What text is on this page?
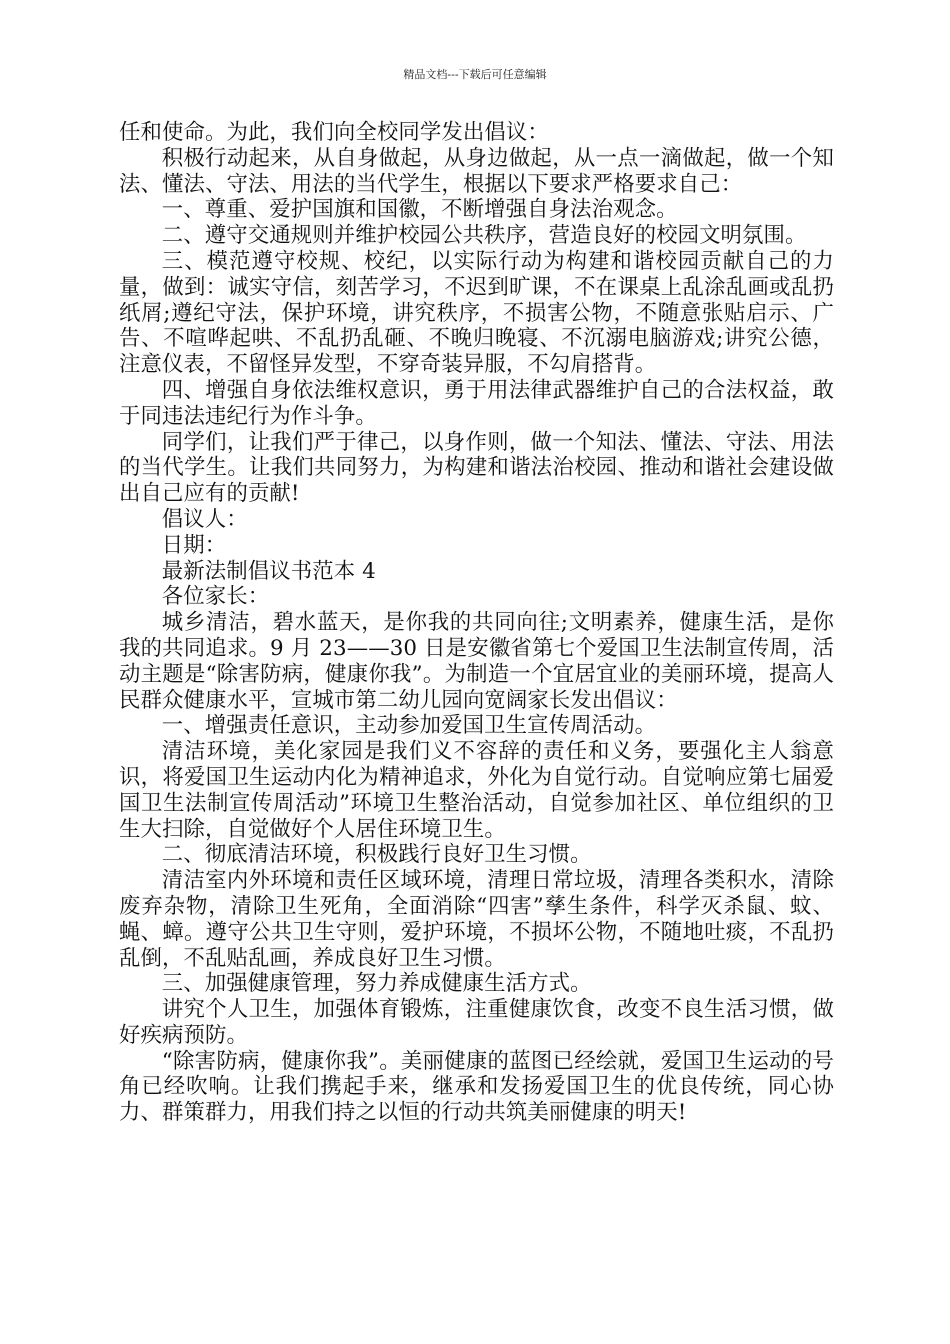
精品文档---下载后可任意编辑

任和使命。为此，我们向全校同学发出倡议：

积极行动起来，从自身做起，从身边做起，从一点一滴做起，做一个知法、懂法、守法、用法的当代学生，根据以下要求严格要求自己：

一、尊重、爱护国旗和国徽，不断增强自身法治观念。

二、遵守交通规则并维护校园公共秩序，营造良好的校园文明氛围。

三、模范遵守校规、校纪，以实际行动为构建和谐校园贡献自己的力量，做到：诚实守信，刻苦学习，不迟到旷课，不在课桌上乱涂乱画或乱扔纸屑;遵纪守法，保护环境，讲究秩序，不损害公物，不随意张贴启示、广告、不喧哗起哄、不乱扔乱砸、不晚归晚寝、不沉溺电脑游戏;讲究公德，注意仪表，不留怪异发型，不穿奇装异服，不勾肩搭背。

四、增强自身依法维权意识，勇于用法律武器维护自己的合法权益，敢于同违法违纪行为作斗争。

同学们，让我们严于律己，以身作则，做一个知法、懂法、守法、用法的当代学生。让我们共同努力，为构建和谐法治校园、推动和谐社会建设做出自己应有的贡献!

倡议人：

日期：

最新法制倡议书范本 4

各位家长：

城乡清洁，碧水蓝天，是你我的共同向往;文明素养，健康生活，是你我的共同追求。9 月 23——30 日是安徽省第七个爱国卫生法制宣传周，活动主题是“除害防病，健康你我”。为制造一个宜居宜业的美丽环境，提高人民群众健康水平，宣城市第二幼儿园向宽阔家长发出倡议：

一、增强责任意识，主动参加爱国卫生宣传周活动。

清洁环境，美化家园是我们义不容辞的责任和义务，要强化主人翁意识，将爱国卫生运动内化为精神追求，外化为自觉行动。自觉响应第七届爱国卫生法制宣传周活动”环境卫生整治活动，自觉参加社区、单位组织的卫生大扫除，自觉做好个人居住环境卫生。

二、彻底清洁环境，积极践行良好卫生习惯。

清洁室内外环境和责任区域环境，清理日常垃圾，清理各类积水，清除废弃杂物，清除卫生死角，全面消除“四害”孳生条件，科学灭杀鼠、蚊、蝇、蟑。遵守公共卫生守则，爱护环境，不损坏公物，不随地吐痰，不乱扔乱倒，不乱贴乱画，养成良好卫生习惯。

三、加强健康管理，努力养成健康生活方式。

讲究个人卫生，加强体育锻炼，注重健康饮食，改变不良生活习惯，做好疾病预防。

“除害防病，健康你我”。美丽健康的蓝图已经绘就，爱国卫生运动的号角已经吹响。让我们携起手来，继承和发扬爱国卫生的优良传统，同心协力、群策群力，用我们持之以恒的行动共筑美丽健康的明天!
